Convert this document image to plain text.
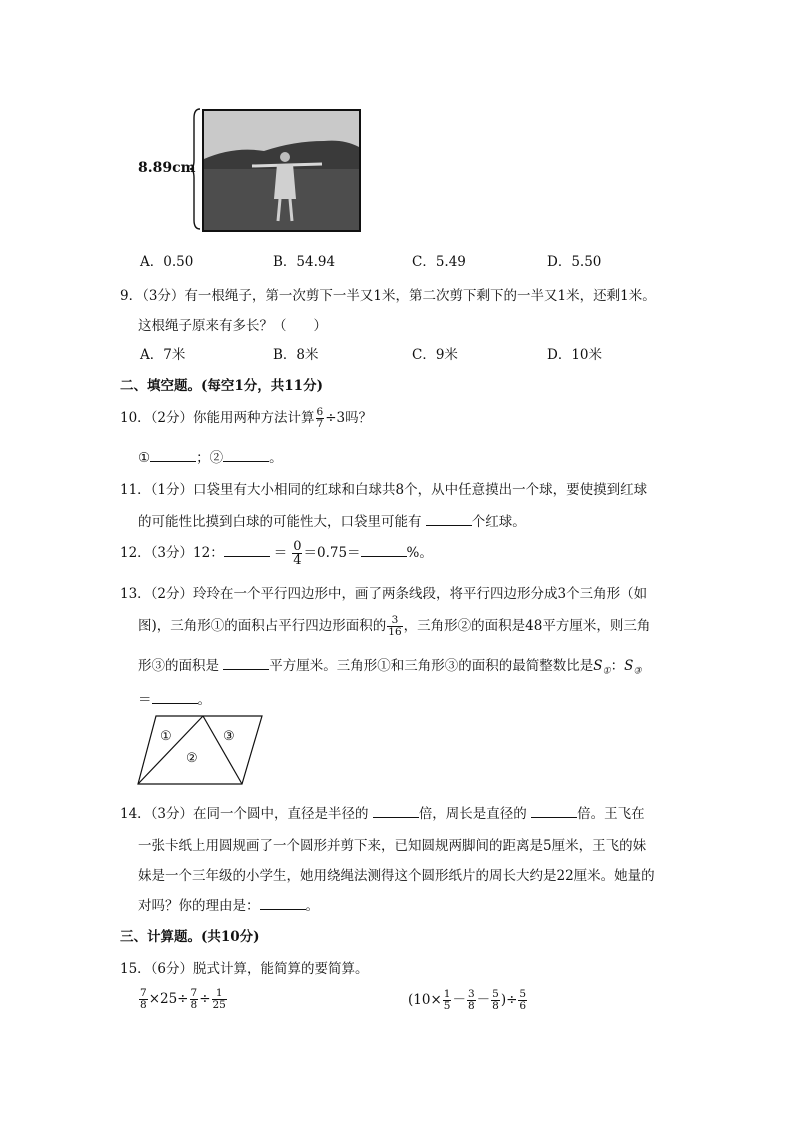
8.89cm
A．0.50	B．54.94	C．5.49	D．5.50
9．（3分）有一根绳子，第一次剪下一半又1米，第二次剪下剩下的一半又1米，还剩1米。
这根绳子原来有多长？（　　）
A．7米	B．8米	C．9米	D．10米
二、填空题。(每空1分，共11分)
10．（2分）你能用两种方法计算 $\frac{6}{7} \div 3$吗？
①	；②	。
11．（1分）口袋里有大小相同的红球和白球共8个，从中任意摸出一个球，要使摸到红球
的可能性比摸到白球的可能性大，口袋里可能有	个红球。
12．（3分）12：	＝ $\frac{0}{4} =0.75=$	%。
13．（2分）玲玲在一个平行四边形中，画了两条线段，将平行四边形分成3个三角形（如
图)，三角形①的面积占平行四边形面积的 $\frac{3}{16}$ ，三角形②的面积是48平方厘米，则三角
形③的面积是	平方厘米。三角形①和三角形③的面积的最简整数比是$S_①$：$S_③$
＝	。
①
②
③
14．（3分）在同一个圆中，直径是半径的	倍，周长是直径的	倍。王飞在
一张卡纸上用圆规画了一个圆形并剪下来，已知圆规两脚间的距离是5厘米，王飞的妹
妹是一个三年级的小学生，她用绕绳法测得这个圆形纸片的周长大约是22厘米。她量的
对吗？你的理由是：	。
三、计算题。(共10分)
15．（6分）脱式计算，能简算的要简算。
$\frac{7}{8} \times 25\div \frac{7}{8} \div \frac{1}{25}$	($10\times \frac{1}{5} - \frac{3}{8} - \frac{5}{8}$ )÷ $\frac{5}{6}$
